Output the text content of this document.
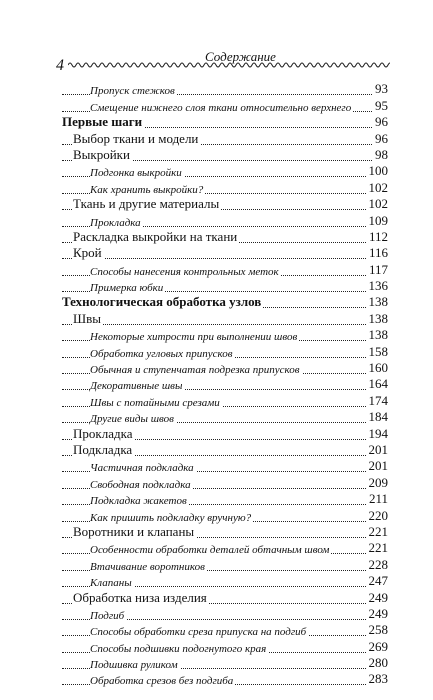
4
Содержание
Пропуск стежков	93
Смещение нижнего слоя ткани относительно верхнего 95
Первые шаги	96
Выбор ткани и модели	96
Выкройки	98
Подгонка выкройки	100
Как хранить выкройки?	102
Ткань и другие материалы	102
Прокладка	109
Раскладка выкройки на ткани	112
Крой	116
Способы нанесения контрольных меток	117
Примерка юбки	136
Технологическая обработка узлов	138
Швы	138
Некоторые хитрости при выполнении швов	138
Обработка угловых припусков	158
Обычная и ступенчатая подрезка припусков	160
Декоративные швы	164
Швы с потайными срезами	174
Другие виды швов	184
Прокладка	194
Подкладка	201
Частичная подкладка	201
Свободная подкладка	209
Подкладка жакетов	211
Как пришить подкладку вручную?	220
Воротники и клапаны	221
Особенности обработки деталей обтачным швом	221
Втачивание воротников	228
Клапаны	247
Обработка низа изделия	249
Подгиб	249
Способы обработки среза припуска на подгиб	258
Способы подшивки подогнутого края	269
Подшивка руликом	280
Обработка срезов без подгиба	283
